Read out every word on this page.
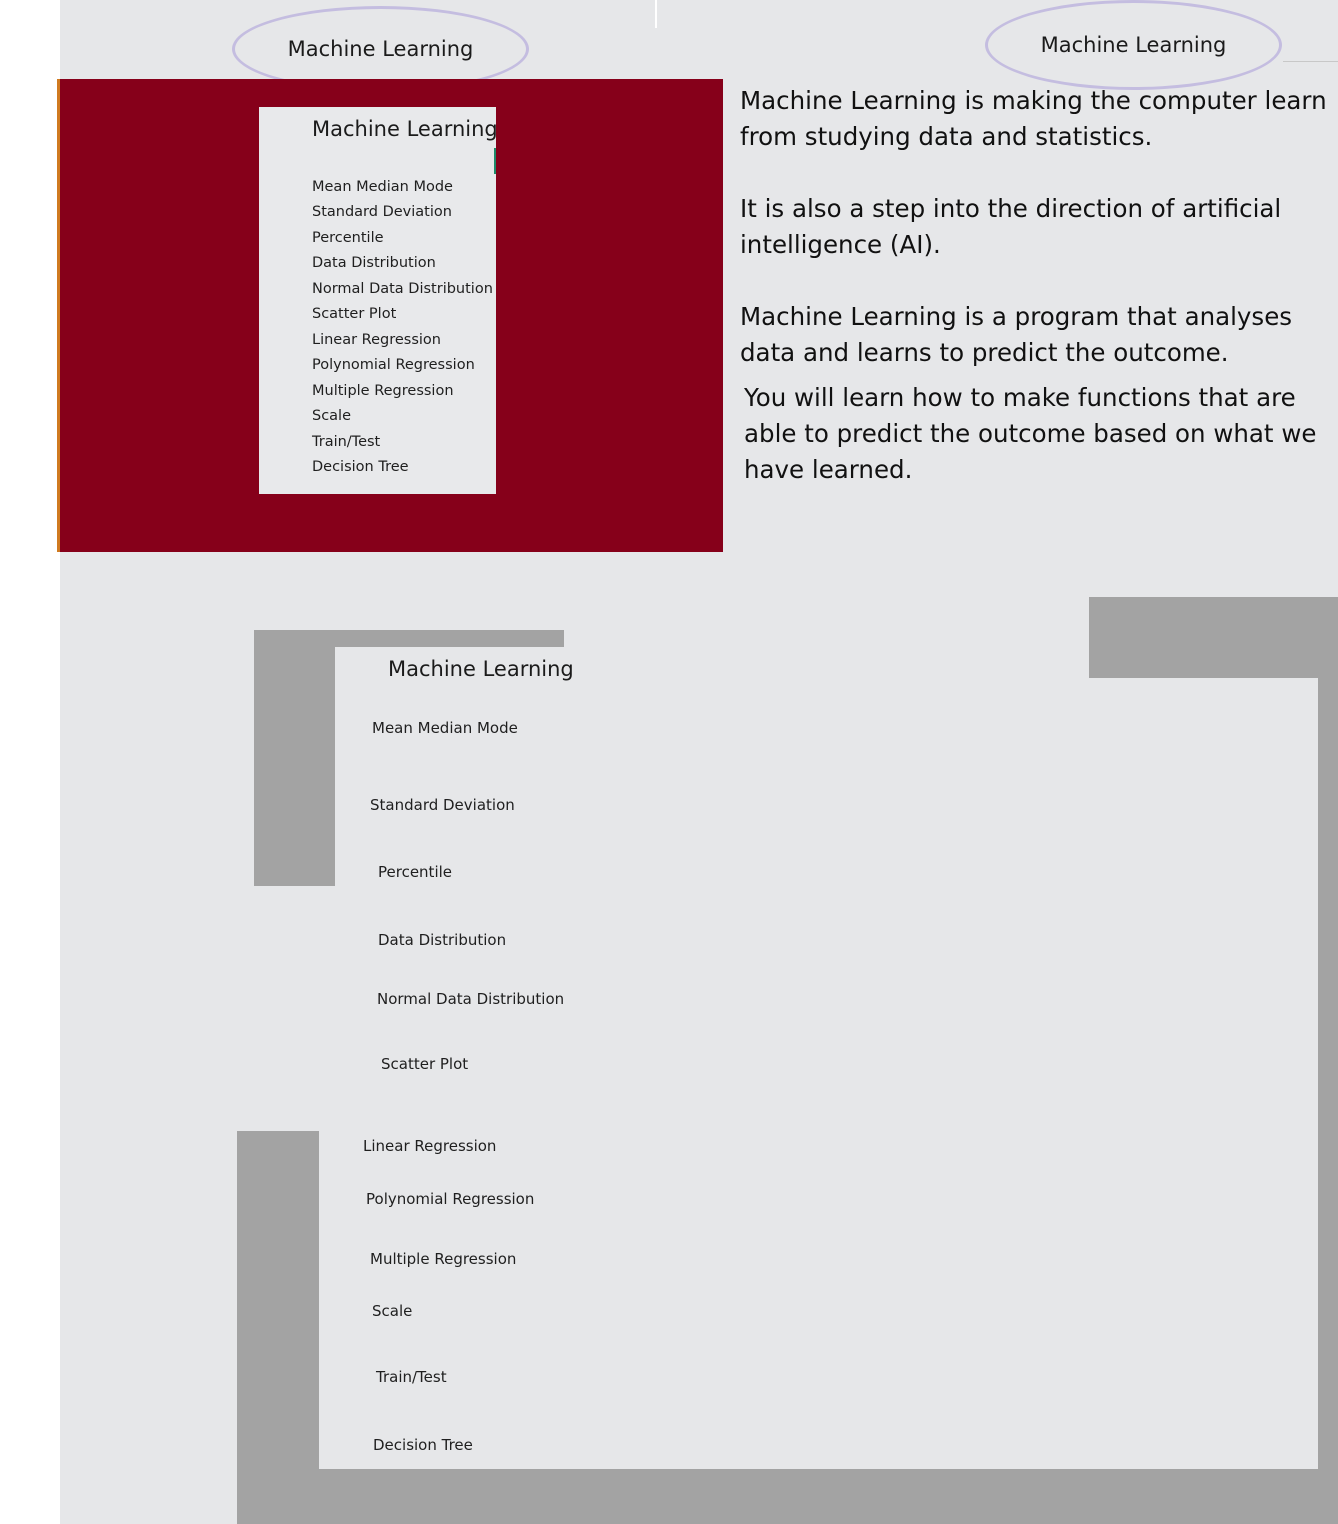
Machine Learning	Machine Learning
Machine Learning
Mean Median Mode
Standard Deviation
Percentile
Data Distribution
Normal Data Distribution
Scatter Plot
Linear Regression
Polynomial Regression
Multiple Regression
Scale
Train/Test
Decision Tree
Machine Learning is making the computer learn from studying data and statistics.
It is also a step into the direction of artificial intelligence (AI).
Machine Learning is a program that analyses data and learns to predict the outcome.
You will learn how to make functions that are able to predict the outcome based on what we have learned.
Machine Learning
Mean Median Mode
Standard Deviation
Percentile
Data Distribution
Normal Data Distribution
Scatter Plot
Linear Regression
Polynomial Regression
Multiple Regression
Scale
Train/Test
Decision Tree
